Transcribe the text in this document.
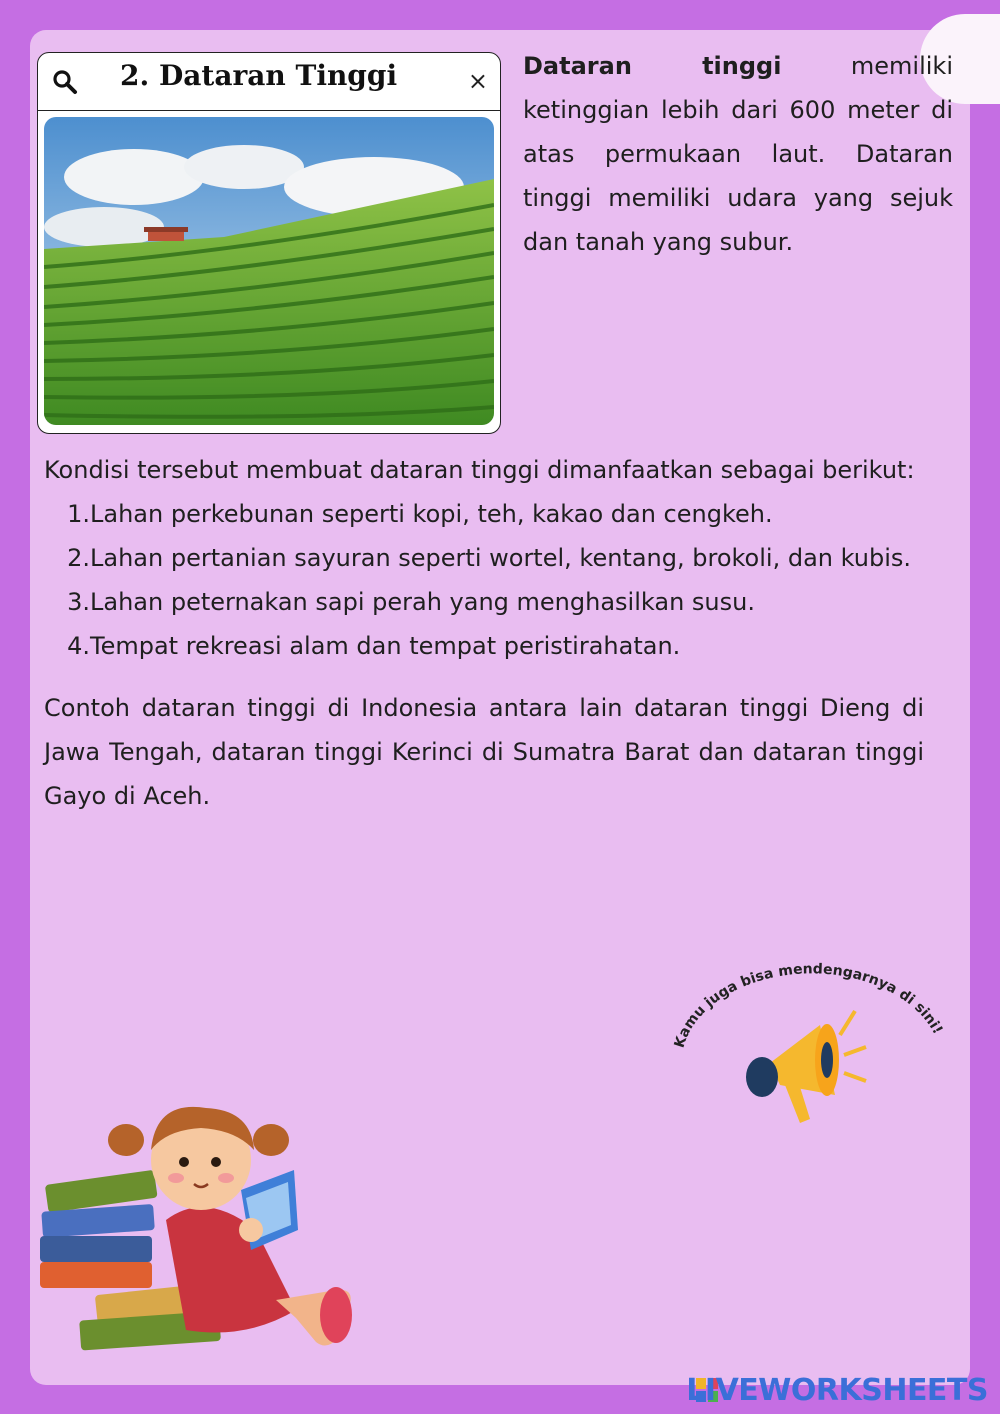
2. Dataran Tinggi	×
Dataran tinggi memiliki ketinggian lebih dari 600 meter di atas permukaan laut. Dataran tinggi memiliki udara yang sejuk dan tanah yang subur.
Kondisi tersebut membuat dataran tinggi dimanfaatkan sebagai berikut:
1. Lahan perkebunan seperti kopi, teh, kakao dan cengkeh.
2. Lahan pertanian sayuran seperti wortel, kentang, brokoli, dan kubis.
3. Lahan peternakan sapi perah yang menghasilkan susu.
4. Tempat rekreasi alam dan tempat peristirahatan.
Contoh dataran tinggi di Indonesia antara lain dataran tinggi Dieng di Jawa Tengah, dataran tinggi Kerinci di Sumatra Barat dan dataran tinggi Gayo di Aceh.
Kamu juga bisa mendengarnya di sini!
LIVEWORKSHEETS
